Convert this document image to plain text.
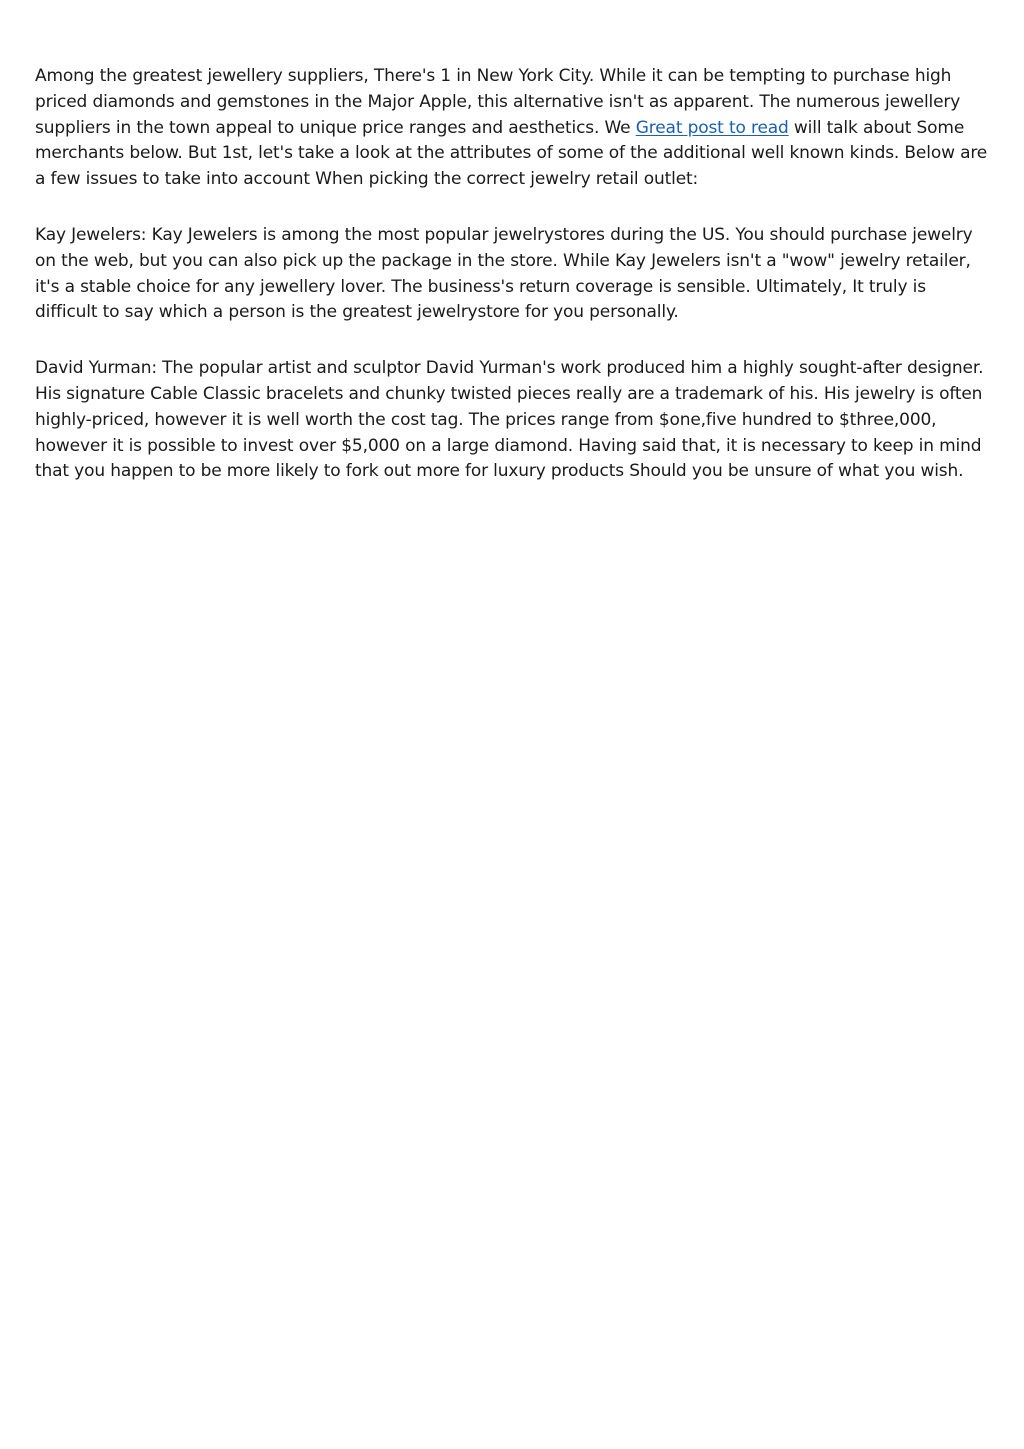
Among the greatest jewellery suppliers, There's 1 in New York City. While it can be tempting to purchase high priced diamonds and gemstones in the Major Apple, this alternative isn't as apparent. The numerous jewellery suppliers in the town appeal to unique price ranges and aesthetics. We Great post to read will talk about Some merchants below. But 1st, let's take a look at the attributes of some of the additional well known kinds. Below are a few issues to take into account When picking the correct jewelry retail outlet:

Kay Jewelers: Kay Jewelers is among the most popular jewelrystores during the US. You should purchase jewelry on the web, but you can also pick up the package in the store. While Kay Jewelers isn't a "wow" jewelry retailer, it's a stable choice for any jewellery lover. The business's return coverage is sensible. Ultimately, It truly is difficult to say which a person is the greatest jewelrystore for you personally.

David Yurman: The popular artist and sculptor David Yurman's work produced him a highly sought-after designer. His signature Cable Classic bracelets and chunky twisted pieces really are a trademark of his. His jewelry is often highly-priced, however it is well worth the cost tag. The prices range from $one,five hundred to $three,000, however it is possible to invest over $5,000 on a large diamond. Having said that, it is necessary to keep in mind that you happen to be more likely to fork out more for luxury products Should you be unsure of what you wish.
